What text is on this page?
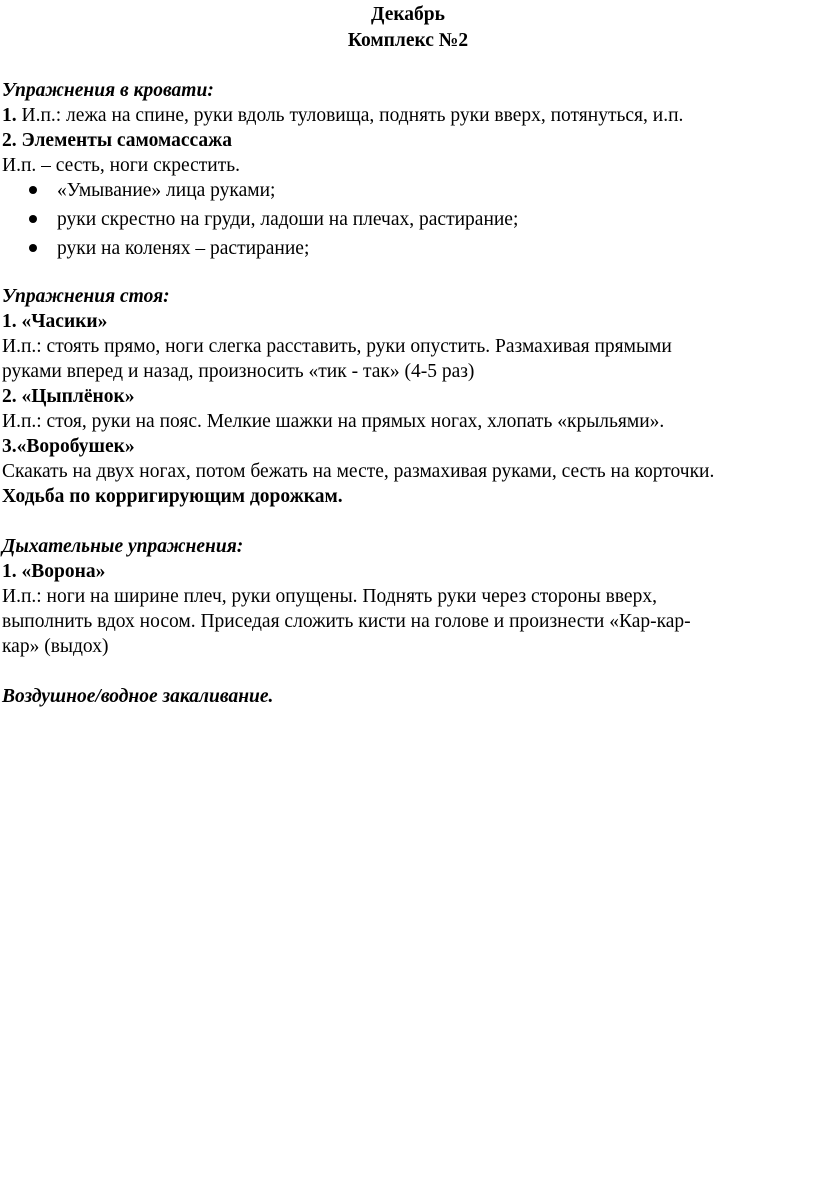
Декабрь
Комплекс №2
Упражнения в кровати:
1. И.п.: лежа на спине, руки вдоль туловища, поднять руки вверх, потянуться, и.п.
2. Элементы самомассажа
И.п. – сесть, ноги скрестить.
«Умывание» лица руками;
руки скрестно на груди, ладоши на плечах, растирание;
руки на коленях – растирание;
Упражнения стоя:
1. «Часики»
И.п.: стоять прямо, ноги слегка расставить, руки опустить. Размахивая прямыми
руками вперед и назад, произносить «тик - так» (4-5 раз)
2. «Цыплёнок»
И.п.: стоя, руки на пояс. Мелкие шажки на прямых ногах, хлопать «крыльями».
3.«Воробушек»
Скакать на двух ногах, потом бежать на месте, размахивая руками, сесть на корточки.
Ходьба по корригирующим дорожкам.
Дыхательные упражнения:
1. «Ворона»
И.п.: ноги на ширине плеч, руки опущены. Поднять руки через стороны вверх,
выполнить вдох носом. Приседая сложить кисти на голове и произнести «Кар-кар-
кар» (выдох)
Воздушное/водное закаливание.
